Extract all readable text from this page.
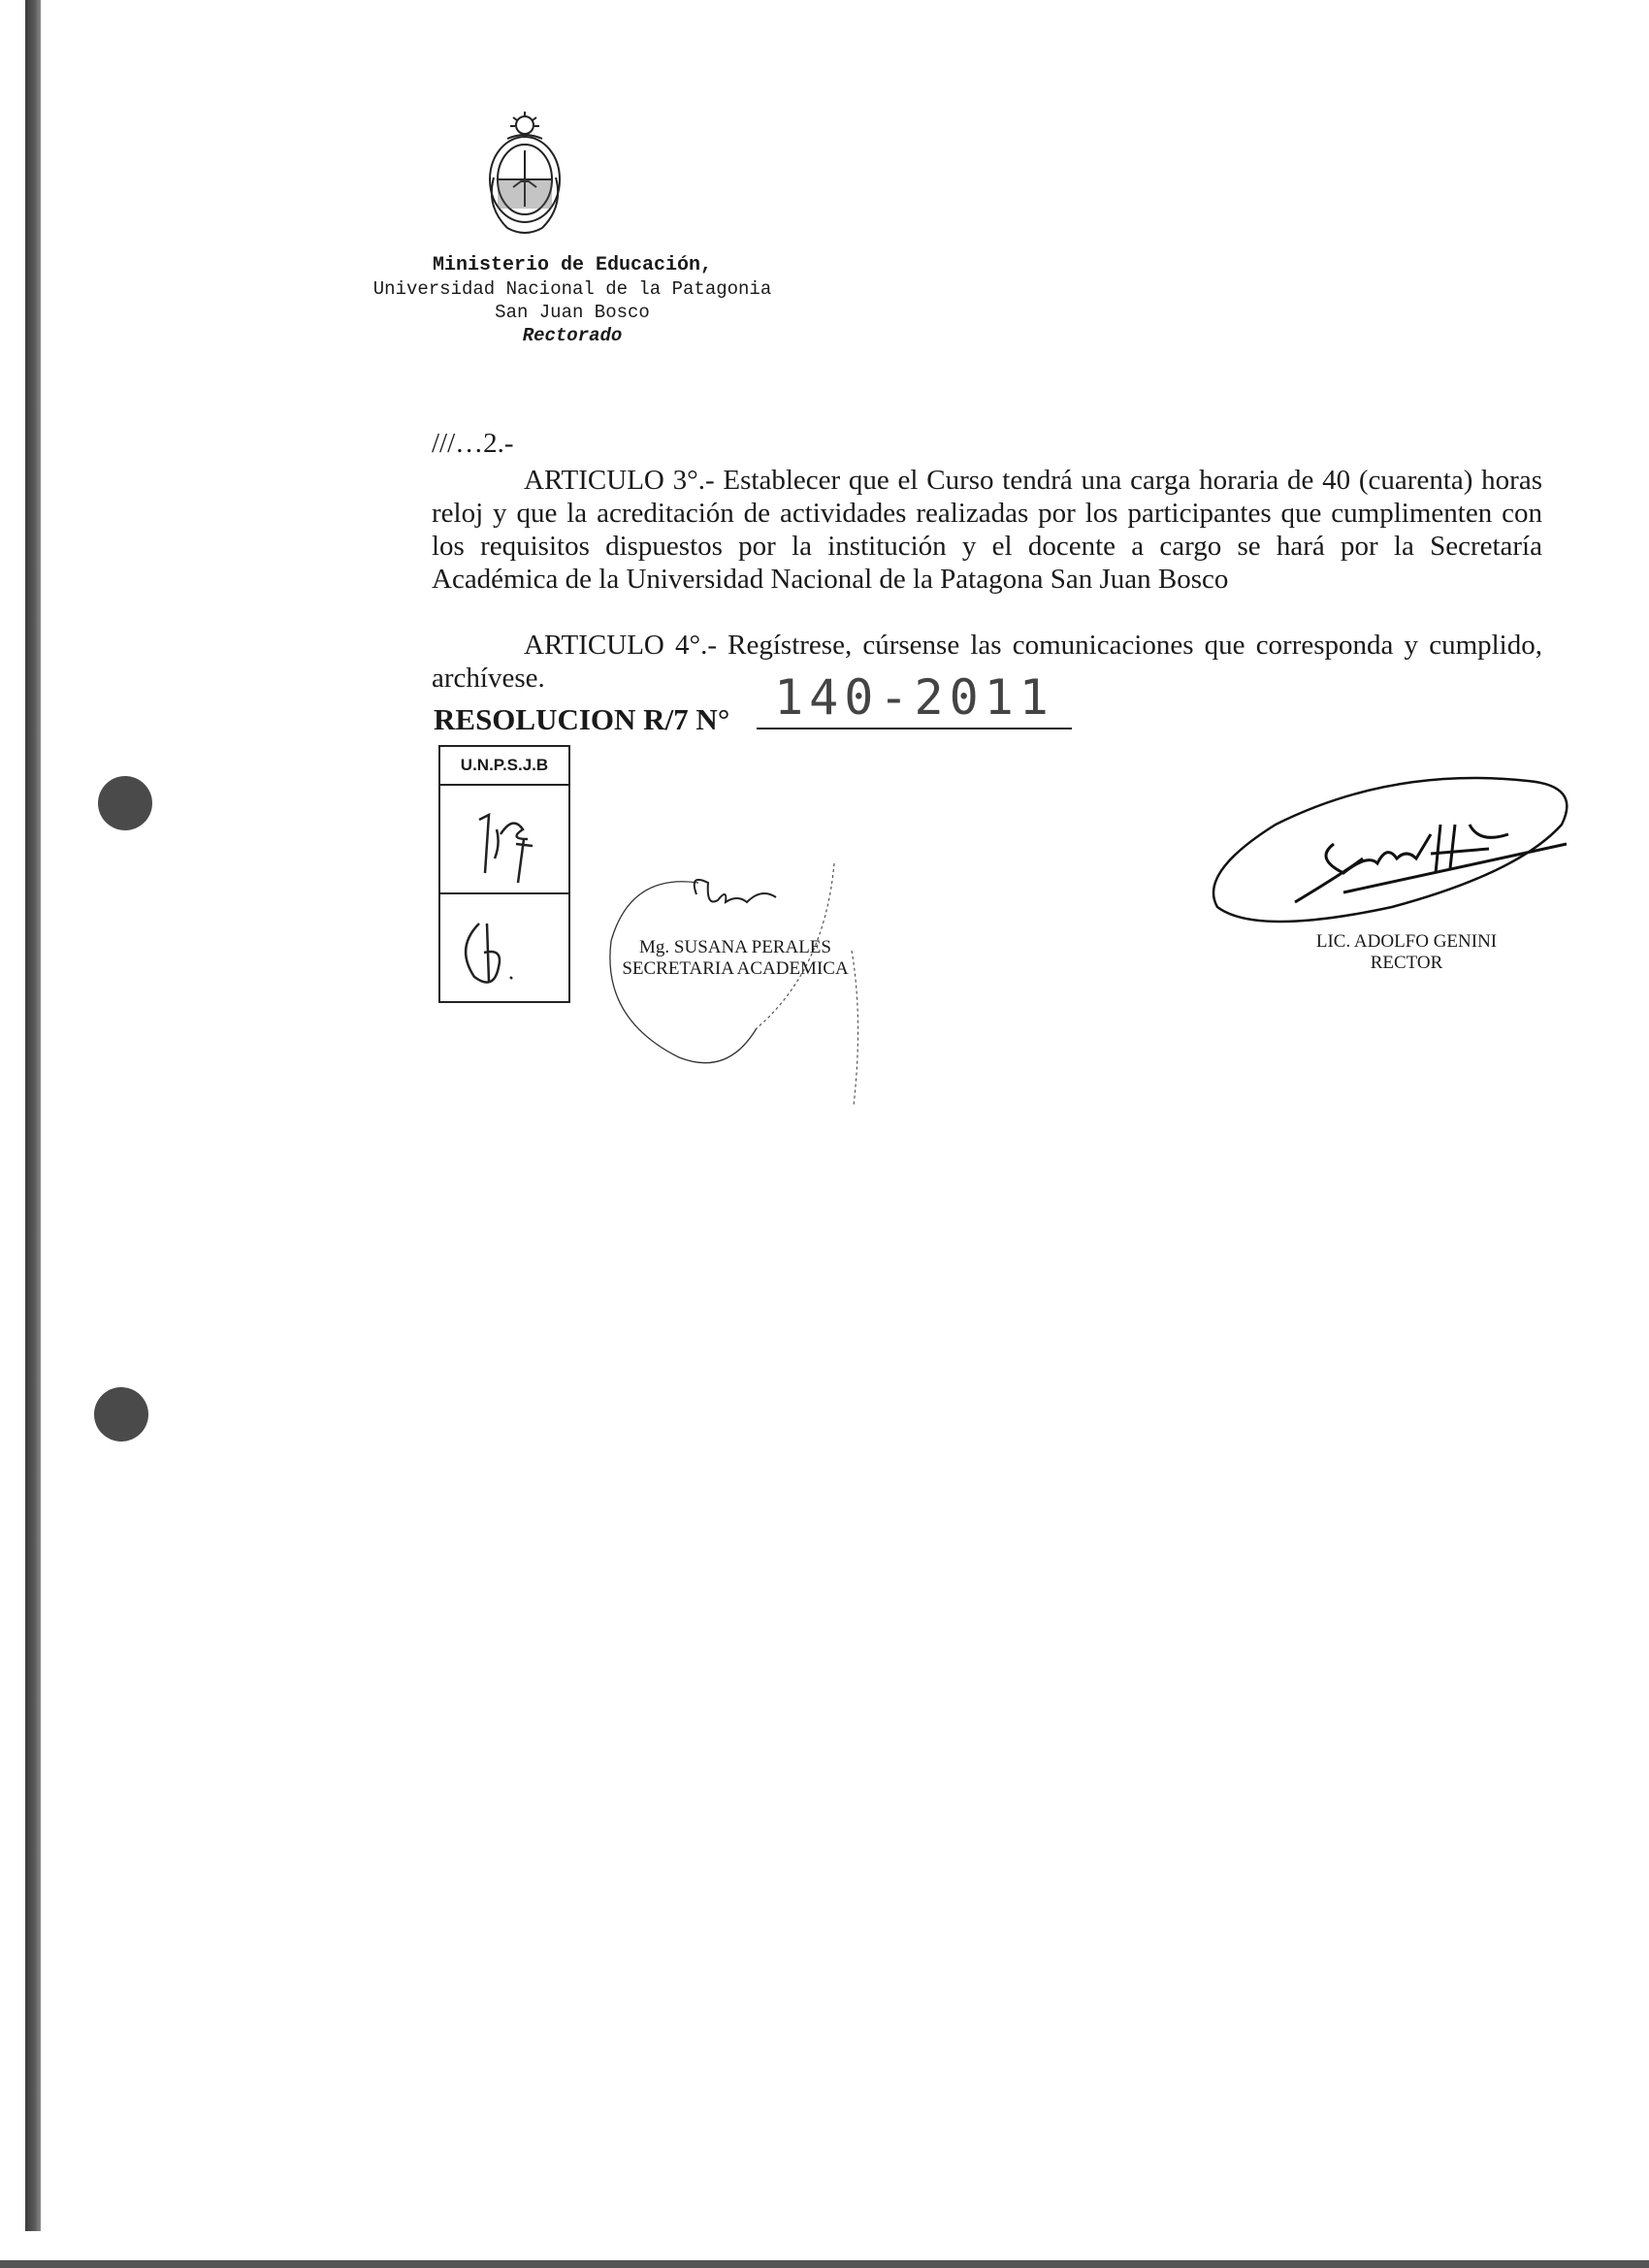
Ministerio de Educación,
Universidad Nacional de la Patagonia
San Juan Bosco
Rectorado
///…2.-

ARTICULO 3°.- Establecer que el Curso tendrá una carga horaria de 40 (cuarenta) horas reloj y que la acreditación de actividades realizadas por los participantes que cumplimenten con los requisitos dispuestos por la institución y el docente a cargo se hará por la Secretaría Académica de la Universidad Nacional de la Patagona San Juan Bosco

ARTICULO 4°.- Regístrese, cúrsense las comunicaciones que corresponda y cumplido, archívese.

RESOLUCION R/7 N° 140-2011
U.N.P.S.J.B
Mg. SUSANA PERALES
SECRETARIA ACADEMICA
LIC. ADOLFO GENINI
RECTOR
